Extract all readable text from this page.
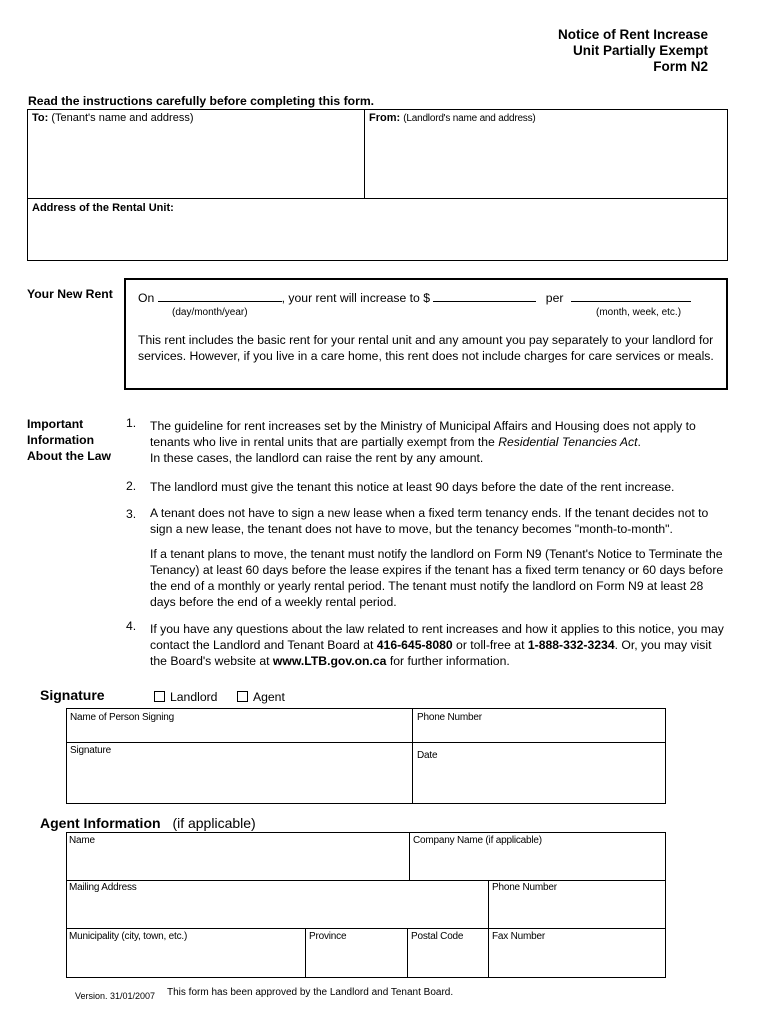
Notice of Rent Increase
Unit Partially Exempt
Form N2
Read the instructions carefully before completing this form.
To: (Tenant's name and address)	From: (Landlord's name and address)
Address of the Rental Unit:
Your New Rent On	, your rent will increase to $	per
(day/month/year)	(month, week, etc.)
This rent includes the basic rent for your rental unit and any amount you pay separately to your landlord for services. However, if you live in a care home, this rent does not include charges for care services or meals.
Important
Information
About the Law
1. The guideline for rent increases set by the Ministry of Municipal Affairs and Housing does not apply to tenants who live in rental units that are partially exempt from the Residential Tenancies Act.
In these cases, the landlord can raise the rent by any amount.
2. The landlord must give the tenant this notice at least 90 days before the date of the rent increase.
3. A tenant does not have to sign a new lease when a fixed term tenancy ends. If the tenant decides not to sign a new lease, the tenant does not have to move, but the tenancy becomes "month-to-month".
If a tenant plans to move, the tenant must notify the landlord on Form N9 (Tenant's Notice to Terminate the Tenancy) at least 60 days before the lease expires if the tenant has a fixed term tenancy or 60 days before the end of a monthly or yearly rental period. The tenant must notify the landlord on Form N9 at least 28 days before the end of a weekly rental period.
4. If you have any questions about the law related to rent increases and how it applies to this notice, you may contact the Landlord and Tenant Board at 416-645-8080 or toll-free at 1-888-332-3234. Or, you may visit the Board's website at www.LTB.gov.on.ca for further information.
Signature	Landlord	Agent
Name of Person Signing	Phone Number
Signature	Date
Agent Information (if applicable)
Name	Company Name (if applicable)
Mailing Address	Phone Number
Municipality (city, town, etc.)	Province	Postal Code	Fax Number
Version. 31/01/2007 This form has been approved by the Landlord and Tenant Board.
